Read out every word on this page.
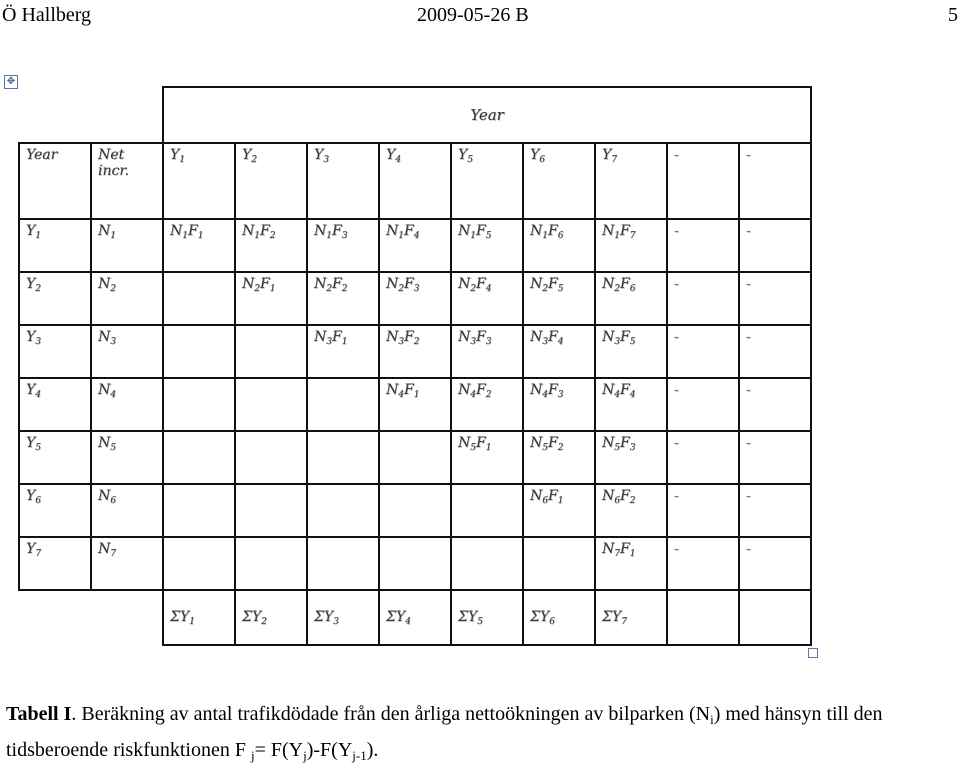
Ö Hallberg	2009-05-26 B	5
✥
		Year								
Year	Net incr.	$Y_1$	$Y_2$	$Y_3$	$Y_4$	$Y_5$	$Y_6$	$Y_7$	-	-
$Y_1$	$N_1$	$N_1F_1$	$N_1F_2$	$N_1F_3$	$N_1F_4$	$N_1F_5$	$N_1F_6$	$N_1F_7$	-	-
$Y_2$	$N_2$		$N_2F_1$	$N_2F_2$	$N_2F_3$	$N_2F_4$	$N_2F_5$	$N_2F_6$	-	-
$Y_3$	$N_3$			$N_3F_1$	$N_3F_2$	$N_3F_3$	$N_3F_4$	$N_3F_5$	-	-
$Y_4$	$N_4$				$N_4F_1$	$N_4F_2$	$N_4F_3$	$N_4F_4$	-	-
$Y_5$	$N_5$					$N_5F_1$	$N_5F_2$	$N_5F_3$	-	-
$Y_6$	$N_6$						$N_6F_1$	$N_6F_2$	-	-
$Y_7$	$N_7$							$N_7F_1$	-	-
		$\Sigma Y_1$	$\Sigma Y_2$	$\Sigma Y_3$	$\Sigma Y_4$	$\Sigma Y_5$	$\Sigma Y_6$	$\Sigma Y_7$		
Tabell I. Beräkning av antal trafikdödade från den årliga nettoökningen av bilparken $(N_i)$ med hänsyn till den tidsberoende riskfunktionen F $_j= F(Y_j)-F(Y_{j-1})$.
